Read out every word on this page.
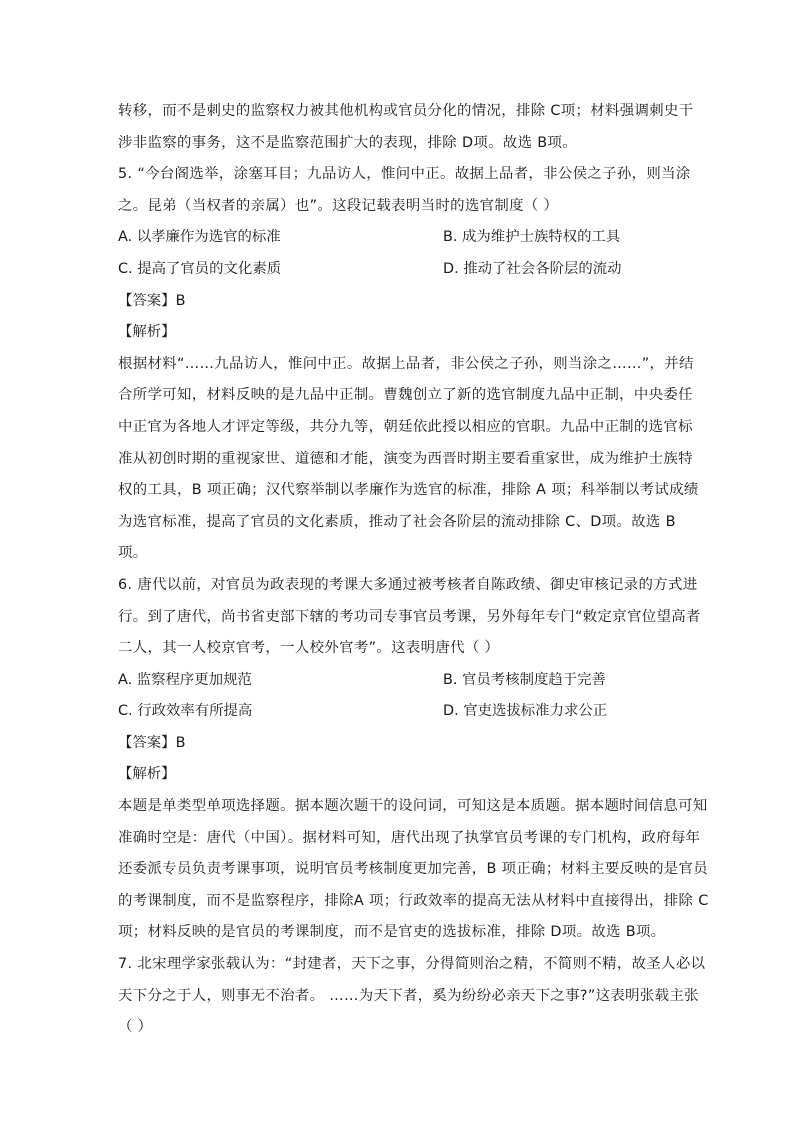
转移，而不是刺史的监察权力被其他机构或官员分化的情况，排除 C项；材料强调刺史干
涉非监察的事务，这不是监察范围扩大的表现，排除 D项。故选 B项。
5. “今台阁选举，涂塞耳目；九品访人，惟问中正。故据上品者，非公侯之子孙，则当涂
之。昆弟（当权者的亲属）也”。这段记载表明当时的选官制度（ ）
A. 以孝廉作为选官的标准	B. 成为维护士族特权的工具
C. 提高了官员的文化素质	D. 推动了社会各阶层的流动
【答案】B
【解析】
根据材料“……九品访人，惟问中正。故据上品者，非公侯之子孙，则当涂之……”，并结
合所学可知，材料反映的是九品中正制。曹魏创立了新的选官制度九品中正制，中央委任
中正官为各地人才评定等级，共分九等，朝廷依此授以相应的官职。九品中正制的选官标
准从初创时期的重视家世、道德和才能，演变为西晋时期主要看重家世，成为维护士族特
权的工具，B 项正确；汉代察举制以孝廉作为选官的标准，排除 A 项；科举制以考试成绩
为选官标准，提高了官员的文化素质，推动了社会各阶层的流动排除 C、D项。故选 B
项。
6. 唐代以前，对官员为政表现的考课大多通过被考核者自陈政绩、御史审核记录的方式进
行。到了唐代，尚书省吏部下辖的考功司专事官员考课，另外每年专门“敕定京官位望高者
二人，其一人校京官考，一人校外官考”。这表明唐代（ ）
A. 监察程序更加规范	B. 官员考核制度趋于完善
C. 行政效率有所提高	D. 官吏选拔标准力求公正
【答案】B
【解析】
本题是单类型单项选择题。据本题次题干的设问词，可知这是本质题。据本题时间信息可知
准确时空是：唐代（中国）。据材料可知，唐代出现了执掌官员考课的专门机构，政府每年
还委派专员负责考课事项，说明官员考核制度更加完善，B 项正确；材料主要反映的是官员
的考课制度，而不是监察程序，排除A 项；行政效率的提高无法从材料中直接得出，排除 C
项；材料反映的是官员的考课制度，而不是官吏的选拔标准，排除 D项。故选 B项。
7. 北宋理学家张载认为：“封建者，天下之事，分得简则治之精，不简则不精，故圣人必以
天下分之于人，则事无不治者。 ……为天下者，奚为纷纷必亲天下之事?”这表明张载主张
（ ）
